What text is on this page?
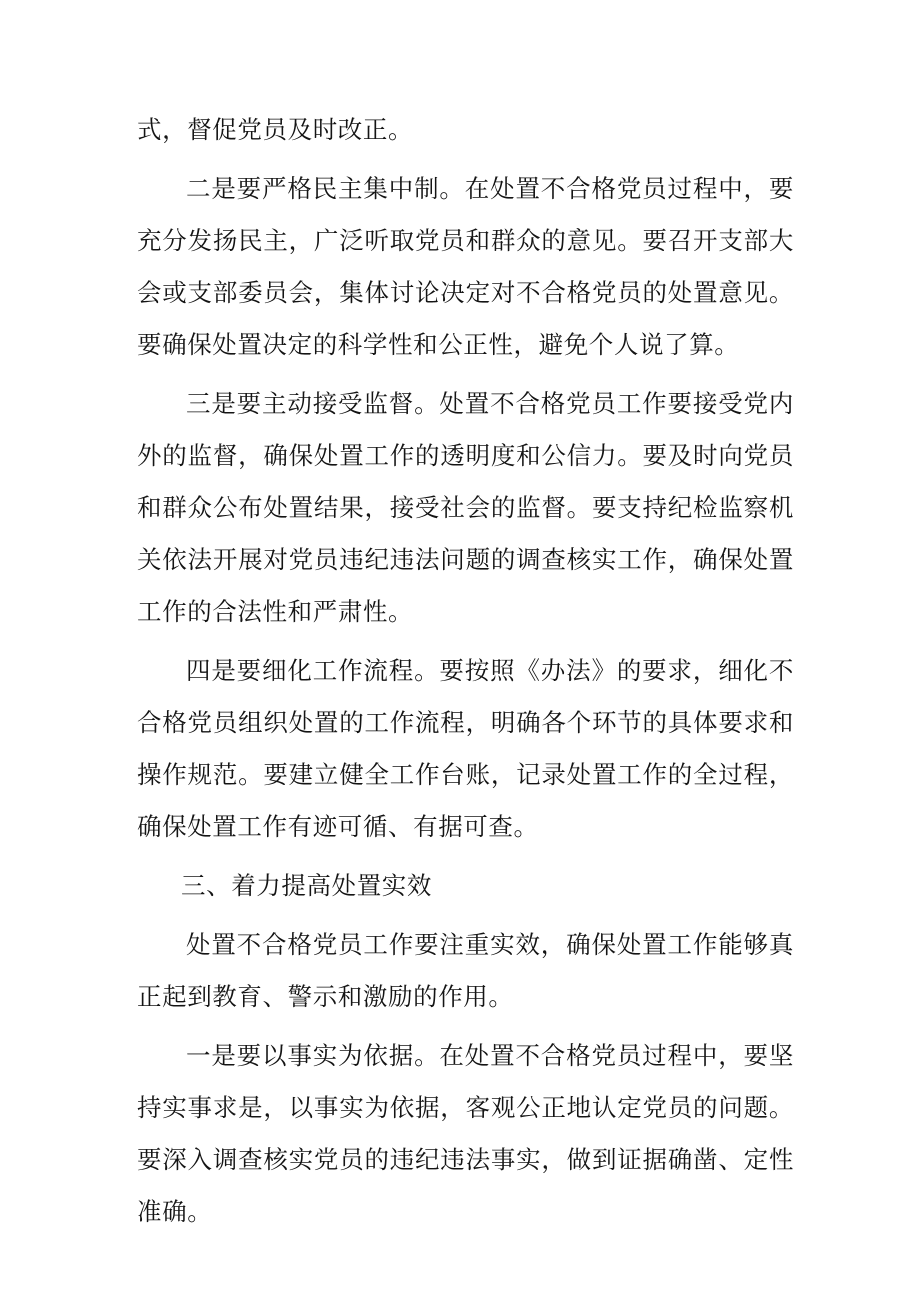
式，督促党员及时改正。

二是要严格民主集中制。在处置不合格党员过程中，要充分发扬民主，广泛听取党员和群众的意见。要召开支部大会或支部委员会，集体讨论决定对不合格党员的处置意见。要确保处置决定的科学性和公正性，避免个人说了算。

三是要主动接受监督。处置不合格党员工作要接受党内外的监督，确保处置工作的透明度和公信力。要及时向党员和群众公布处置结果，接受社会的监督。要支持纪检监察机关依法开展对党员违纪违法问题的调查核实工作，确保处置工作的合法性和严肃性。

四是要细化工作流程。要按照《办法》的要求，细化不合格党员组织处置的工作流程，明确各个环节的具体要求和操作规范。要建立健全工作台账，记录处置工作的全过程，确保处置工作有迹可循、有据可查。

三、着力提高处置实效

处置不合格党员工作要注重实效，确保处置工作能够真正起到教育、警示和激励的作用。

一是要以事实为依据。在处置不合格党员过程中，要坚持实事求是，以事实为依据，客观公正地认定党员的问题。要深入调查核实党员的违纪违法事实，做到证据确凿、定性准确。
